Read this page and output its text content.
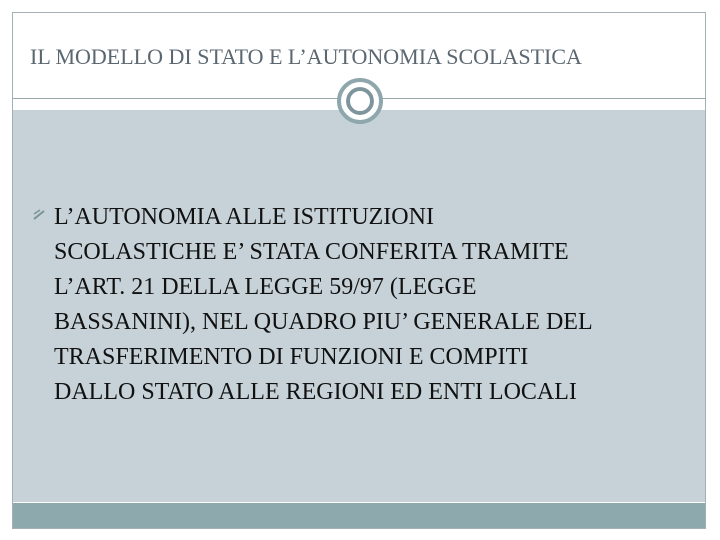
IL MODELLO DI STATO E L’AUTONOMIA SCOLASTICA
L’AUTONOMIA ALLE ISTITUZIONI
SCOLASTICHE E’ STATA CONFERITA TRAMITE
L’ART. 21 DELLA LEGGE 59/97 (LEGGE
BASSANINI), NEL QUADRO PIU’ GENERALE DEL
TRASFERIMENTO DI FUNZIONI E COMPITI
DALLO STATO ALLE REGIONI ED ENTI LOCALI
